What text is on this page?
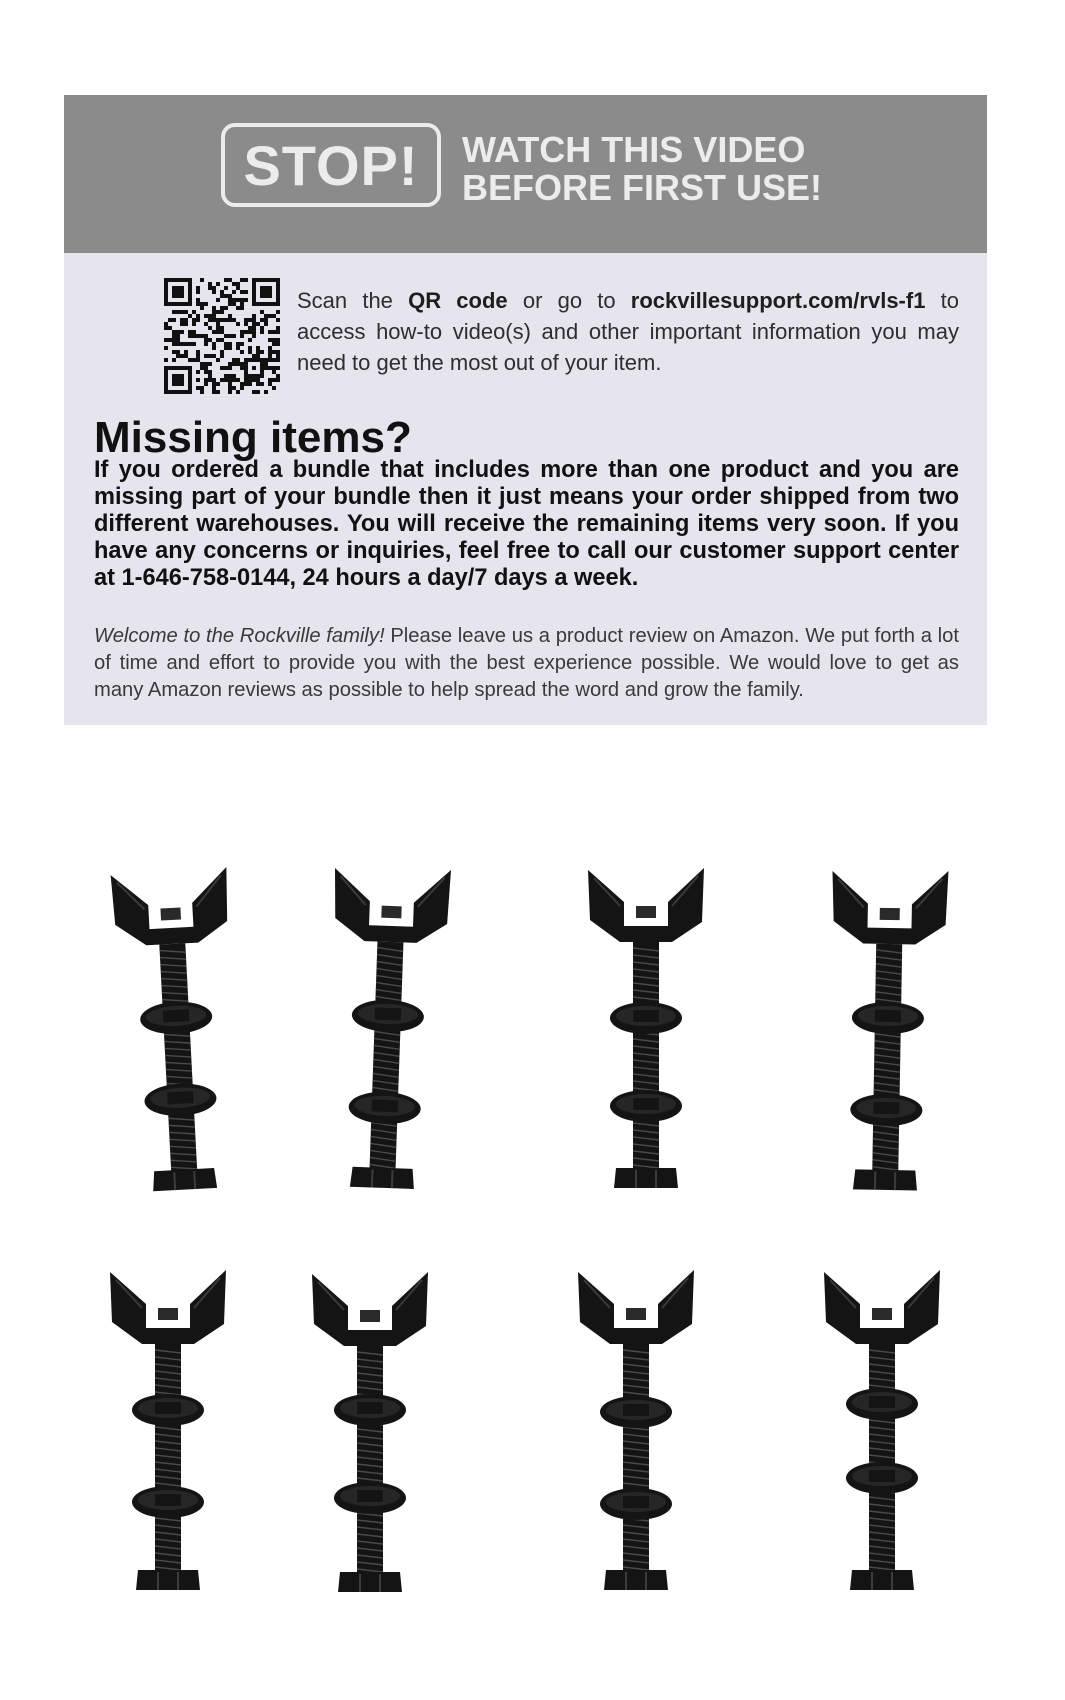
STOP! WATCH THIS VIDEO
BEFORE FIRST USE!
Scan the QR code or go to rockvillesupport.com/rvls-f1 to access how-to video(s) and other important information you may need to get the most out of your item.
Missing items?
If you ordered a bundle that includes more than one product and you are missing part of your bundle then it just means your order shipped from two different warehouses. You will receive the remaining items very soon. If you have any concerns or inquiries, feel free to call our customer support center at 1-646-758-0144, 24 hours a day/7 days a week.
Welcome to the Rockville family! Please leave us a product review on Amazon. We put forth a lot of time and effort to provide you with the best experience possible. We would love to get as many Amazon reviews as possible to help spread the word and grow the family.
